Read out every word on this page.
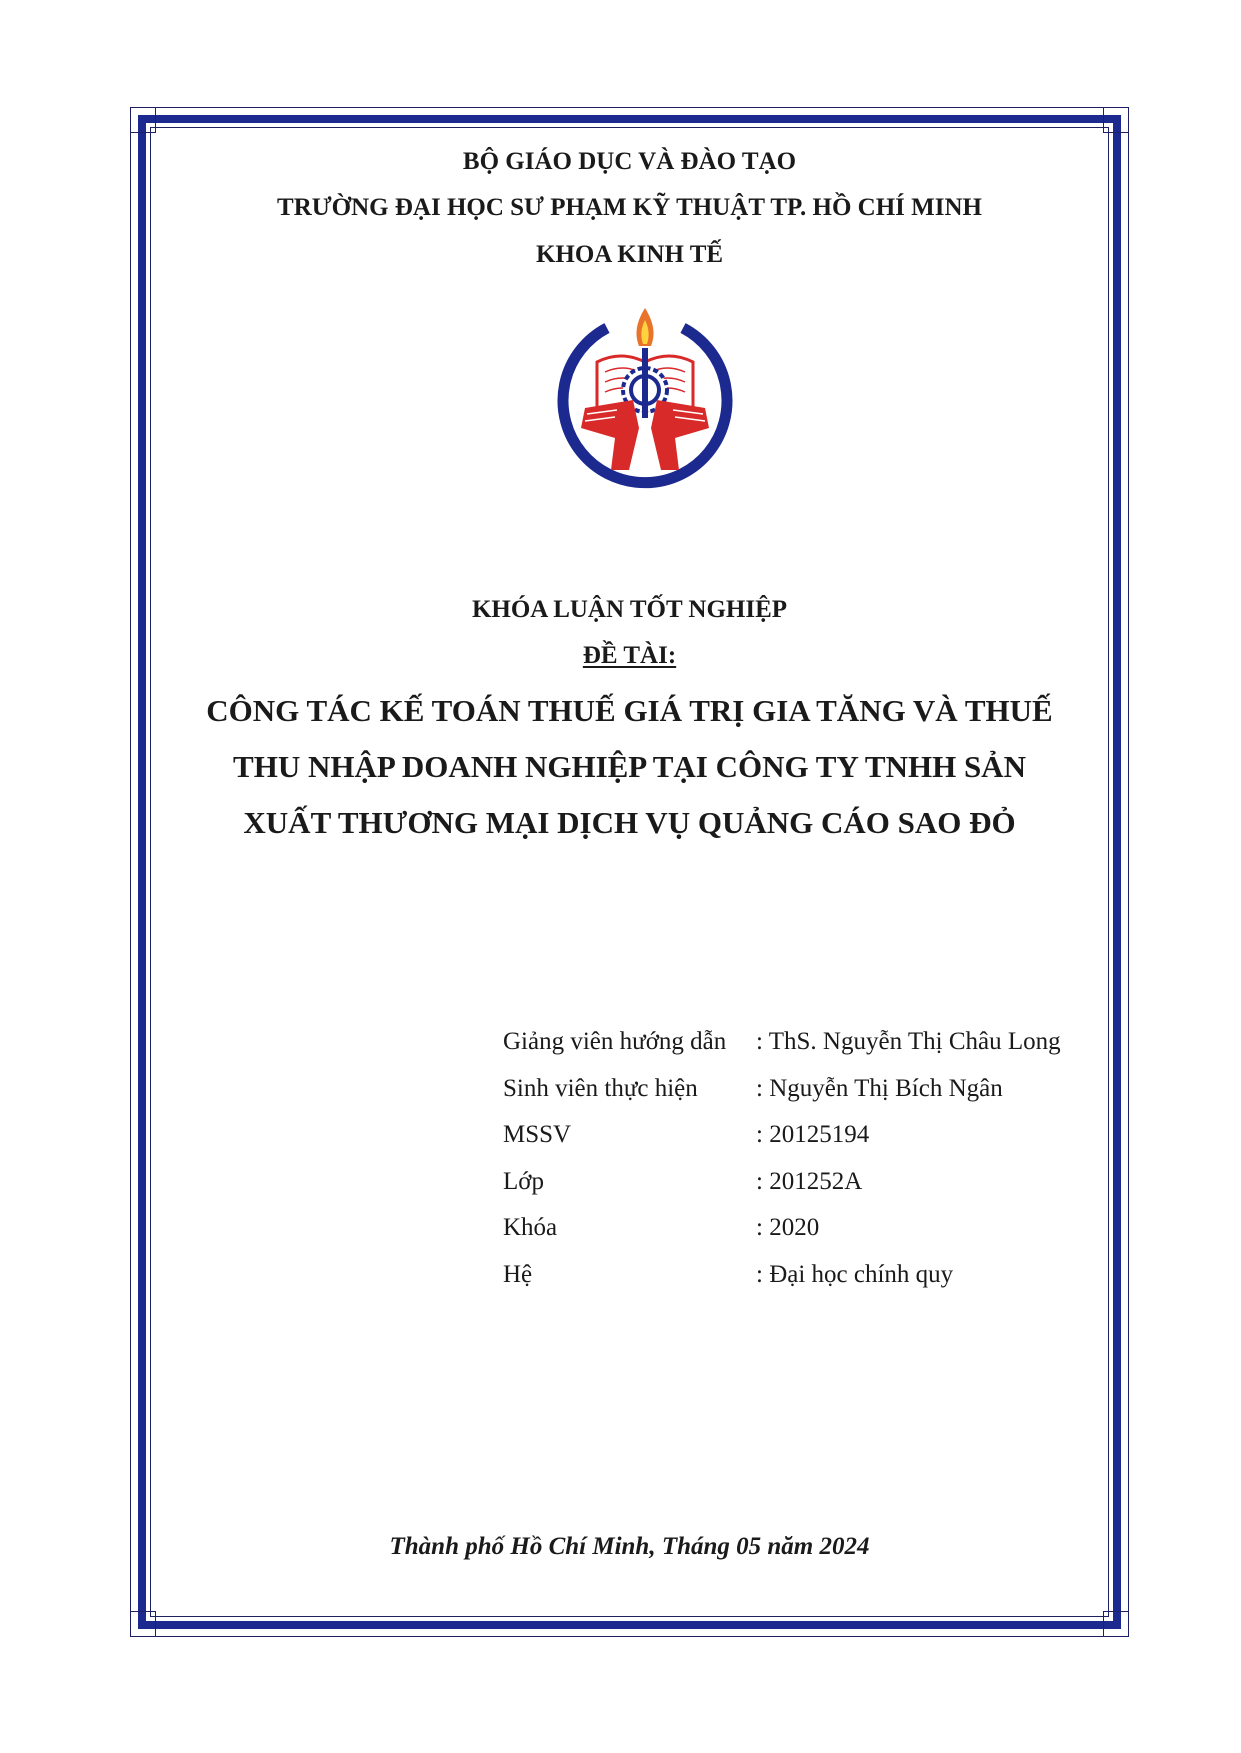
BỘ GIÁO DỤC VÀ ĐÀO TẠO
TRƯỜNG ĐẠI HỌC SƯ PHẠM KỸ THUẬT TP. HỒ CHÍ MINH
KHOA KINH TẾ
KHÓA LUẬN TỐT NGHIỆP
ĐỀ TÀI:
CÔNG TÁC KẾ TOÁN THUẾ GIÁ TRỊ GIA TĂNG VÀ THUẾ
THU NHẬP DOANH NGHIỆP TẠI CÔNG TY TNHH SẢN
XUẤT THƯƠNG MẠI DỊCH VỤ QUẢNG CÁO SAO ĐỎ
Giảng viên hướng dẫn	: ThS. Nguyễn Thị Châu Long
Sinh viên thực hiện	: Nguyễn Thị Bích Ngân
MSSV	: 20125194
Lớp	: 201252A
Khóa	: 2020
Hệ	: Đại học chính quy
Thành phố Hồ Chí Minh, Tháng 05 năm 2024
